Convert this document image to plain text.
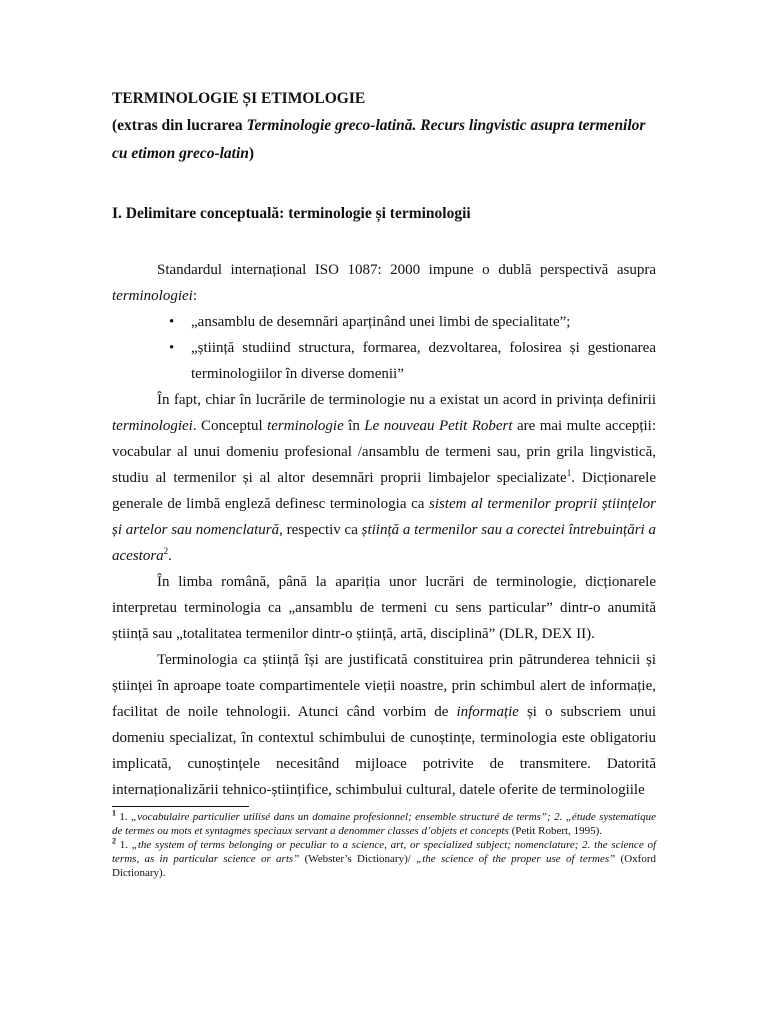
TERMINOLOGIE ȘI ETIMOLOGIE

(extras din lucrarea Terminologie greco-latină. Recurs lingvistic asupra termenilor cu etimon greco-latin)

I. Delimitare conceptuală: terminologie și terminologii

Standardul internațional ISO 1087: 2000 impune o dublă perspectivă asupra terminologiei:

• „ansamblu de desemnări aparținând unei limbi de specialitate”;
• „știință studiind structura, formarea, dezvoltarea, folosirea și gestionarea terminologiilor în diverse domenii”

În fapt, chiar în lucrările de terminologie nu a existat un acord in privința definirii terminologiei. Conceptul terminologie în Le nouveau Petit Robert are mai multe accepții: vocabular al unui domeniu profesional /ansamblu de termeni sau, prin grila lingvistică, studiu al termenilor și al altor desemnări proprii limbajelor specializate$^1$. Dicționarele generale de limbă engleză definesc terminologia ca sistem al termenilor proprii științelor și artelor sau nomenclatură, respectiv ca știință a termenilor sau a corectei întrebuințări a acestora$^2$.

În limba română, până la apariția unor lucrări de terminologie, dicționarele interpretau terminologia ca „ansamblu de termeni cu sens particular” dintr-o anumită știință sau „totalitatea termenilor dintr-o știință, artă, disciplină” (DLR, DEX II).

Terminologia ca știință își are justificată constituirea prin pătrunderea tehnicii și științei în aproape toate compartimentele vieții noastre, prin schimbul alert de informație, facilitat de noile tehnologii. Atunci când vorbim de informație și o subscriem unui domeniu specializat, în contextul schimbului de cunoștințe, terminologia este obligatoriu implicată, cunoștințele necesitând mijloace potrivite de transmitere. Datorită internaționalizării tehnico-științifice, schimbului cultural, datele oferite de terminologiile

$^1$ 1. „vocabulaire particulier utilisé dans un domaine profesionnel; ensemble structuré de terms”; 2. „étude systematique de termes ou mots et syntagmes speciaux servant a denommer classes d’objets et concepts (Petit Robert, 1995).

$^2$ 1. „the system of terms belonging or peculiar to a science, art, or specialized subject; nomenclature; 2. the science of terms, as in particular science or arts” (Webster’s Dictionary)/ „the science of the proper use of termes” (Oxford Dictionary).
